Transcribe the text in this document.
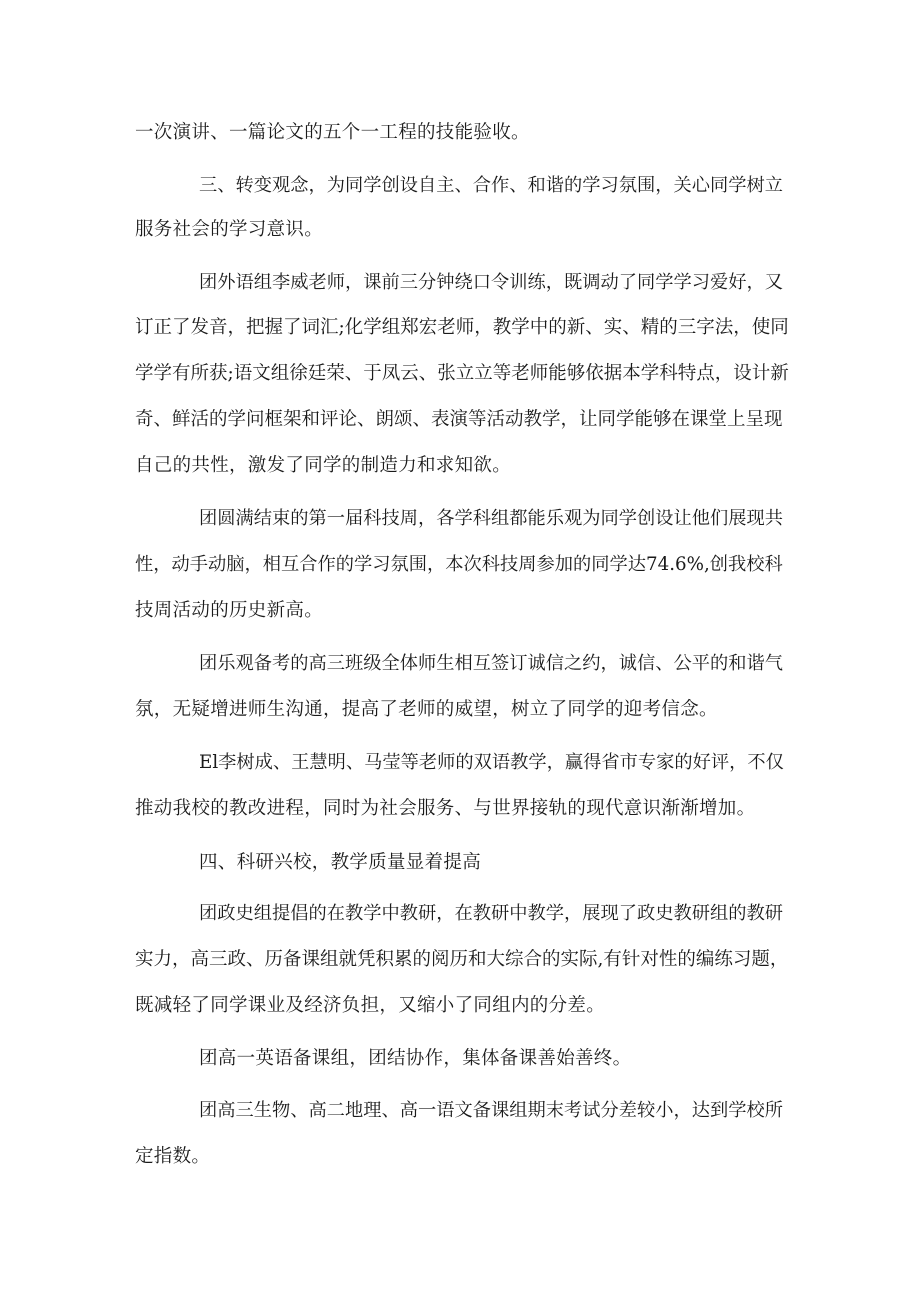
一次演讲、一篇论文的五个一工程的技能验收。
三、转变观念，为同学创设自主、合作、和谐的学习氛围，关心同学树立
服务社会的学习意识。
团外语组李威老师，课前三分钟绕口令训练，既调动了同学学习爱好，又
订正了发音，把握了词汇;化学组郑宏老师，教学中的新、实、精的三字法，使同
学学有所获;语文组徐廷荣、于凤云、张立立等老师能够依据本学科特点，设计新
奇、鲜活的学问框架和评论、朗颂、表演等活动教学，让同学能够在课堂上呈现
自己的共性，激发了同学的制造力和求知欲。
团圆满结束的第一届科技周，各学科组都能乐观为同学创设让他们展现共
性，动手动脑，相互合作的学习氛围，本次科技周参加的同学达74.6%,创我校科
技周活动的历史新高。
团乐观备考的高三班级全体师生相互签订诚信之约，诚信、公平的和谐气
氛，无疑增进师生沟通，提高了老师的威望，树立了同学的迎考信念。
El李树成、王慧明、马莹等老师的双语教学，赢得省市专家的好评，不仅
推动我校的教改进程，同时为社会服务、与世界接轨的现代意识渐渐增加。
四、科研兴校，教学质量显着提高
团政史组提倡的在教学中教研，在教研中教学，展现了政史教研组的教研
实力，高三政、历备课组就凭积累的阅历和大综合的实际,有针对性的编练习题，
既减轻了同学课业及经济负担，又缩小了同组内的分差。
团高一英语备课组，团结协作，集体备课善始善终。
团高三生物、高二地理、高一语文备课组期末考试分差较小，达到学校所
定指数。
